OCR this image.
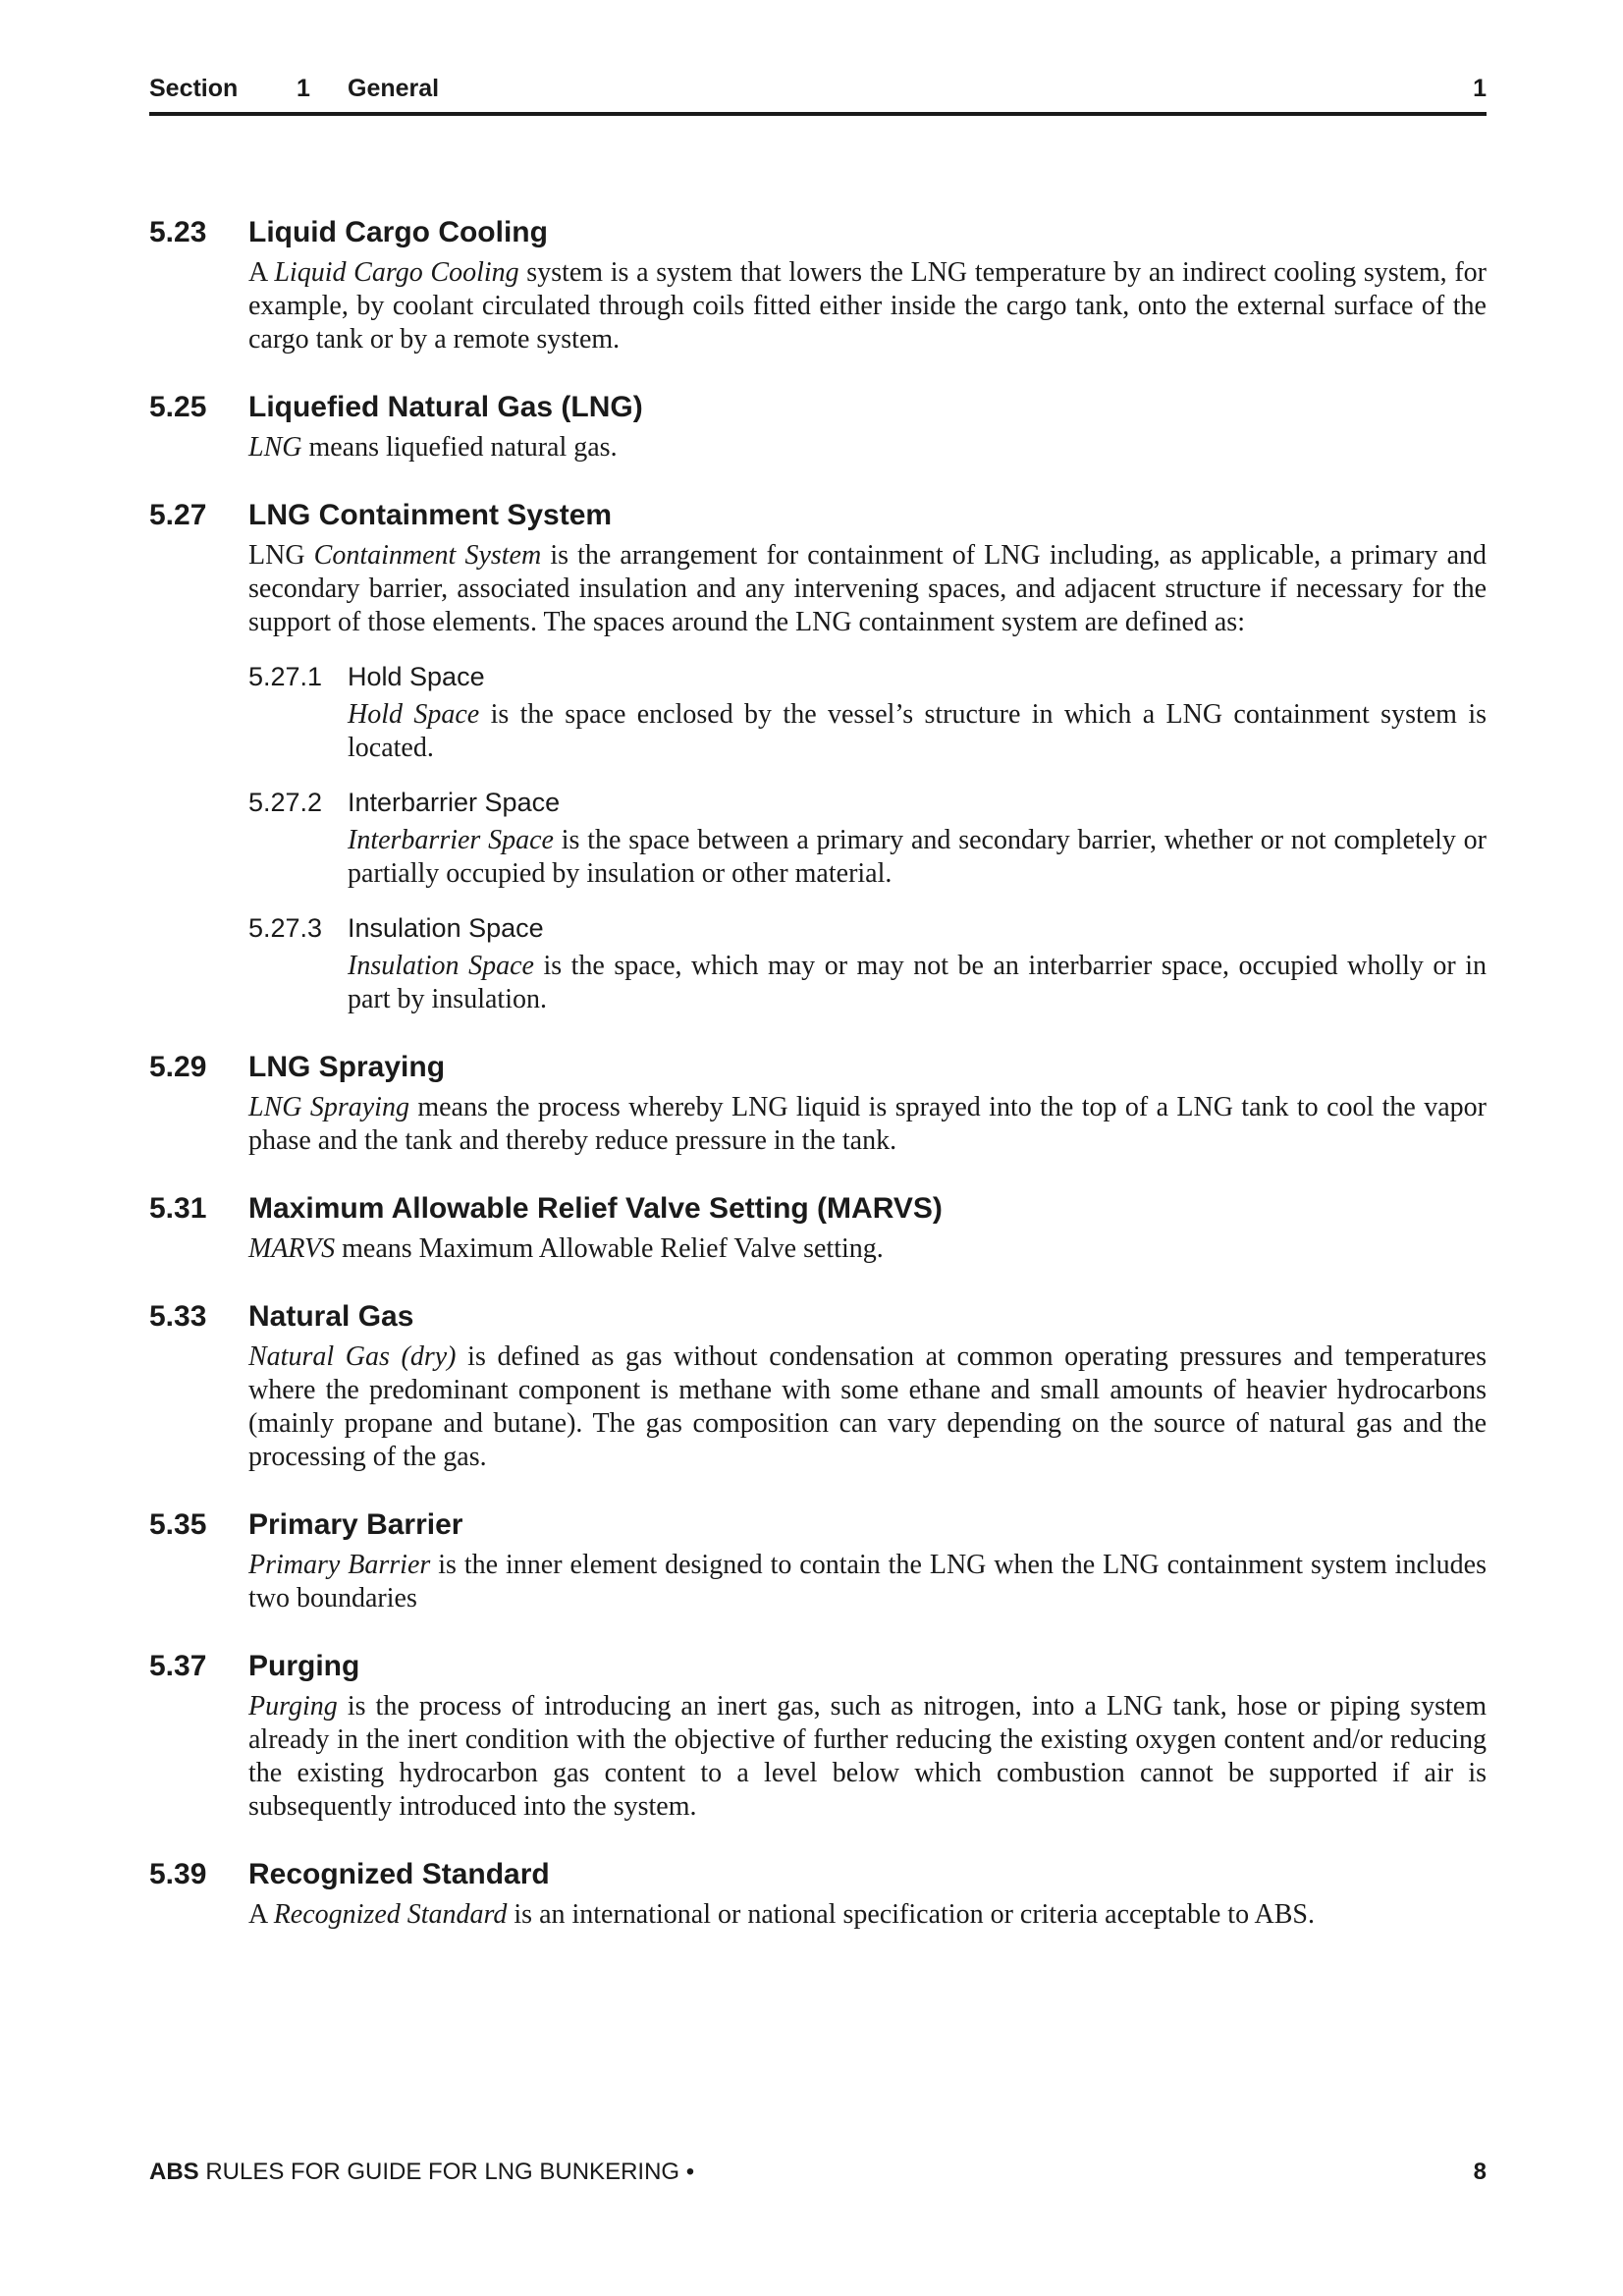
Section 1 General	1
5.23 Liquid Cargo Cooling
A Liquid Cargo Cooling system is a system that lowers the LNG temperature by an indirect cooling system, for example, by coolant circulated through coils fitted either inside the cargo tank, onto the external surface of the cargo tank or by a remote system.
5.25 Liquefied Natural Gas (LNG)
LNG means liquefied natural gas.
5.27 LNG Containment System
LNG Containment System is the arrangement for containment of LNG including, as applicable, a primary and secondary barrier, associated insulation and any intervening spaces, and adjacent structure if necessary for the support of those elements. The spaces around the LNG containment system are defined as:
5.27.1 Hold Space
Hold Space is the space enclosed by the vessel’s structure in which a LNG containment system is located.
5.27.2 Interbarrier Space
Interbarrier Space is the space between a primary and secondary barrier, whether or not completely or partially occupied by insulation or other material.
5.27.3 Insulation Space
Insulation Space is the space, which may or may not be an interbarrier space, occupied wholly or in part by insulation.
5.29 LNG Spraying
LNG Spraying means the process whereby LNG liquid is sprayed into the top of a LNG tank to cool the vapor phase and the tank and thereby reduce pressure in the tank.
5.31 Maximum Allowable Relief Valve Setting (MARVS)
MARVS means Maximum Allowable Relief Valve setting.
5.33 Natural Gas
Natural Gas (dry) is defined as gas without condensation at common operating pressures and temperatures where the predominant component is methane with some ethane and small amounts of heavier hydrocarbons (mainly propane and butane). The gas composition can vary depending on the source of natural gas and the processing of the gas.
5.35 Primary Barrier
Primary Barrier is the inner element designed to contain the LNG when the LNG containment system includes two boundaries
5.37 Purging
Purging is the process of introducing an inert gas, such as nitrogen, into a LNG tank, hose or piping system already in the inert condition with the objective of further reducing the existing oxygen content and/or reducing the existing hydrocarbon gas content to a level below which combustion cannot be supported if air is subsequently introduced into the system.
5.39 Recognized Standard
A Recognized Standard is an international or national specification or criteria acceptable to ABS.
ABS RULES FOR GUIDE FOR LNG BUNKERING •	8
